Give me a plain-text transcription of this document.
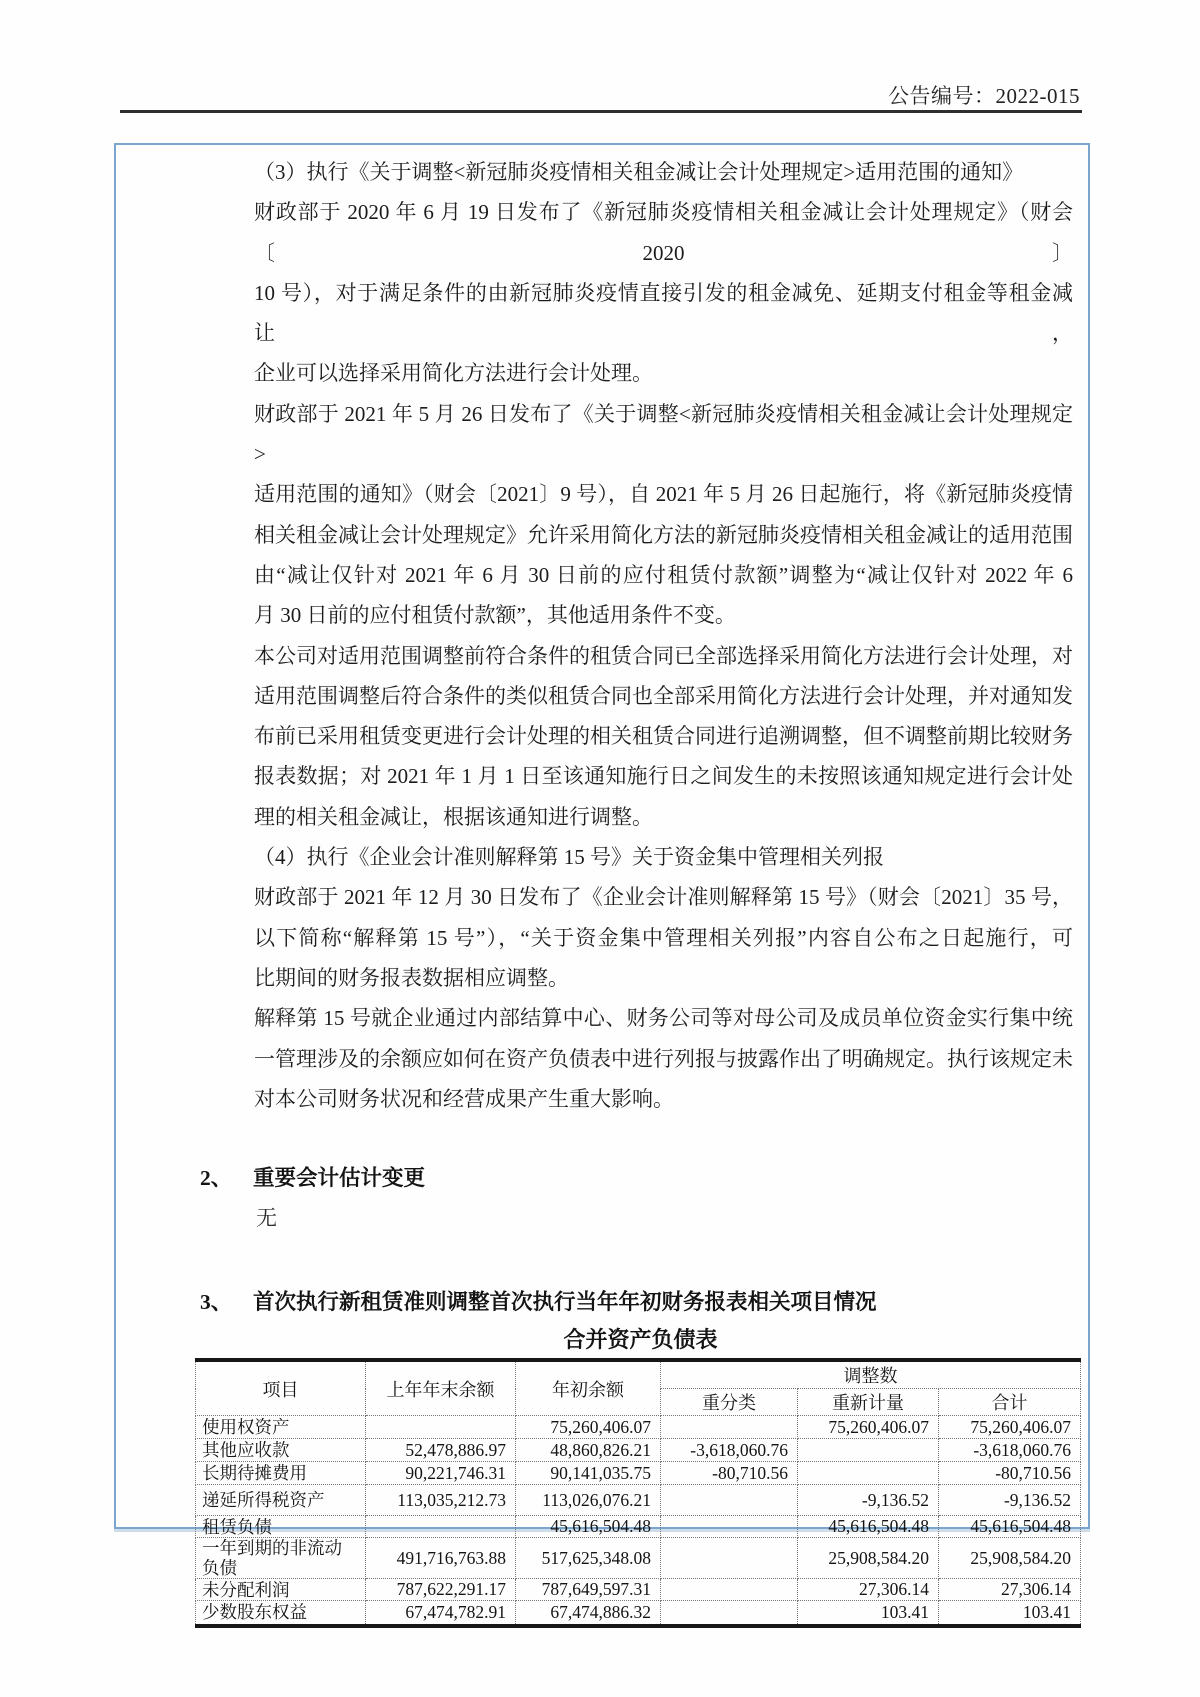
公告编号：2022-015
（3）执行《关于调整<新冠肺炎疫情相关租金减让会计处理规定>适用范围的通知》
财政部于 2020 年 6 月 19 日发布了《新冠肺炎疫情相关租金减让会计处理规定》（财会〔2020〕
10 号），对于满足条件的由新冠肺炎疫情直接引发的租金减免、延期支付租金等租金减让，
企业可以选择采用简化方法进行会计处理。
财政部于 2021 年 5 月 26 日发布了《关于调整<新冠肺炎疫情相关租金减让会计处理规定>
适用范围的通知》（财会〔2021〕9 号），自 2021 年 5 月 26 日起施行，将《新冠肺炎疫情
相关租金减让会计处理规定》允许采用简化方法的新冠肺炎疫情相关租金减让的适用范围
由“减让仅针对 2021 年 6 月 30 日前的应付租赁付款额”调整为“减让仅针对 2022 年 6
月 30 日前的应付租赁付款额”，其他适用条件不变。
本公司对适用范围调整前符合条件的租赁合同已全部选择采用简化方法进行会计处理，对
适用范围调整后符合条件的类似租赁合同也全部采用简化方法进行会计处理，并对通知发
布前已采用租赁变更进行会计处理的相关租赁合同进行追溯调整，但不调整前期比较财务
报表数据；对 2021 年 1 月 1 日至该通知施行日之间发生的未按照该通知规定进行会计处
理的相关租金减让，根据该通知进行调整。
（4）执行《企业会计准则解释第 15 号》关于资金集中管理相关列报
财政部于 2021 年 12 月 30 日发布了《企业会计准则解释第 15 号》（财会〔2021〕35 号，
以下简称“解释第 15 号”），“关于资金集中管理相关列报”内容自公布之日起施行，可
比期间的财务报表数据相应调整。
解释第 15 号就企业通过内部结算中心、财务公司等对母公司及成员单位资金实行集中统
一管理涉及的余额应如何在资产负债表中进行列报与披露作出了明确规定。执行该规定未
对本公司财务状况和经营成果产生重大影响。
2、 重要会计估计变更
无
3、 首次执行新租赁准则调整首次执行当年年初财务报表相关项目情况
合并资产负债表
项目	上年年末余额	年初余额	调整数		
			重分类	重新计量	合计
使用权资产		75,260,406.07		75,260,406.07	75,260,406.07
其他应收款	52,478,886.97	48,860,826.21	-3,618,060.76		-3,618,060.76
长期待摊费用	90,221,746.31	90,141,035.75	-80,710.56		-80,710.56
递延所得税资产	113,035,212.73	113,026,076.21		-9,136.52	-9,136.52
租赁负债		45,616,504.48		45,616,504.48	45,616,504.48
一年到期的非流动负债	491,716,763.88	517,625,348.08		25,908,584.20	25,908,584.20
未分配利润	787,622,291.17	787,649,597.31		27,306.14	27,306.14
少数股东权益	67,474,782.91	67,474,886.32		103.41	103.41
